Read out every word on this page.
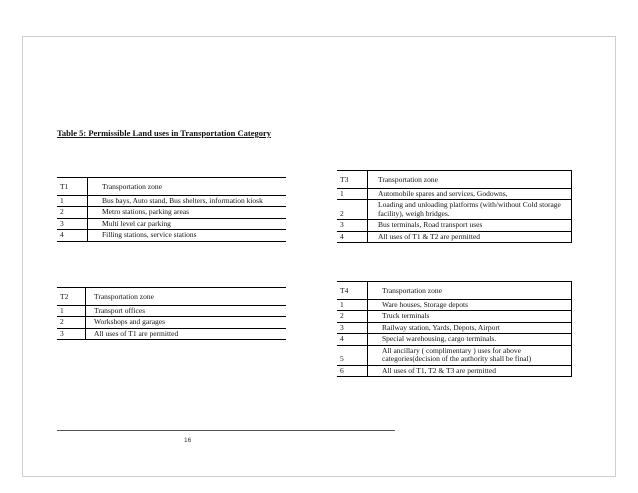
Table 5: Permissible Land uses in Transportation Category
T1	Transportation zone
1	Bus bays, Auto stand, Bus shelters, information kiosk
2	Metro stations, parking areas
3	Multi level car parking
4	Filling stations, service stations
T2	Transportation zone
1	Transport offices
2	Workshops and garages
3	All uses of T1 are permitted
T3	Transportation zone
1	Automobile spares and services, Godowns,
2	Loading and unloading platforms (with/without Cold storage facility), weigh bridges.
3	Bus terminals, Road transport uses
4	All uses of T1 & T2 are permitted
T4	Transportation zone
1	Ware houses, Storage depots
2	Truck terminals
3	Railway station, Yards, Depots, Airport
4	Special warehousing, cargo terminals.
5	All ancillary ( complimentary ) uses for above categories(decision of the authority shall be final)
6	All uses of T1, T2 & T3 are permitted
16
